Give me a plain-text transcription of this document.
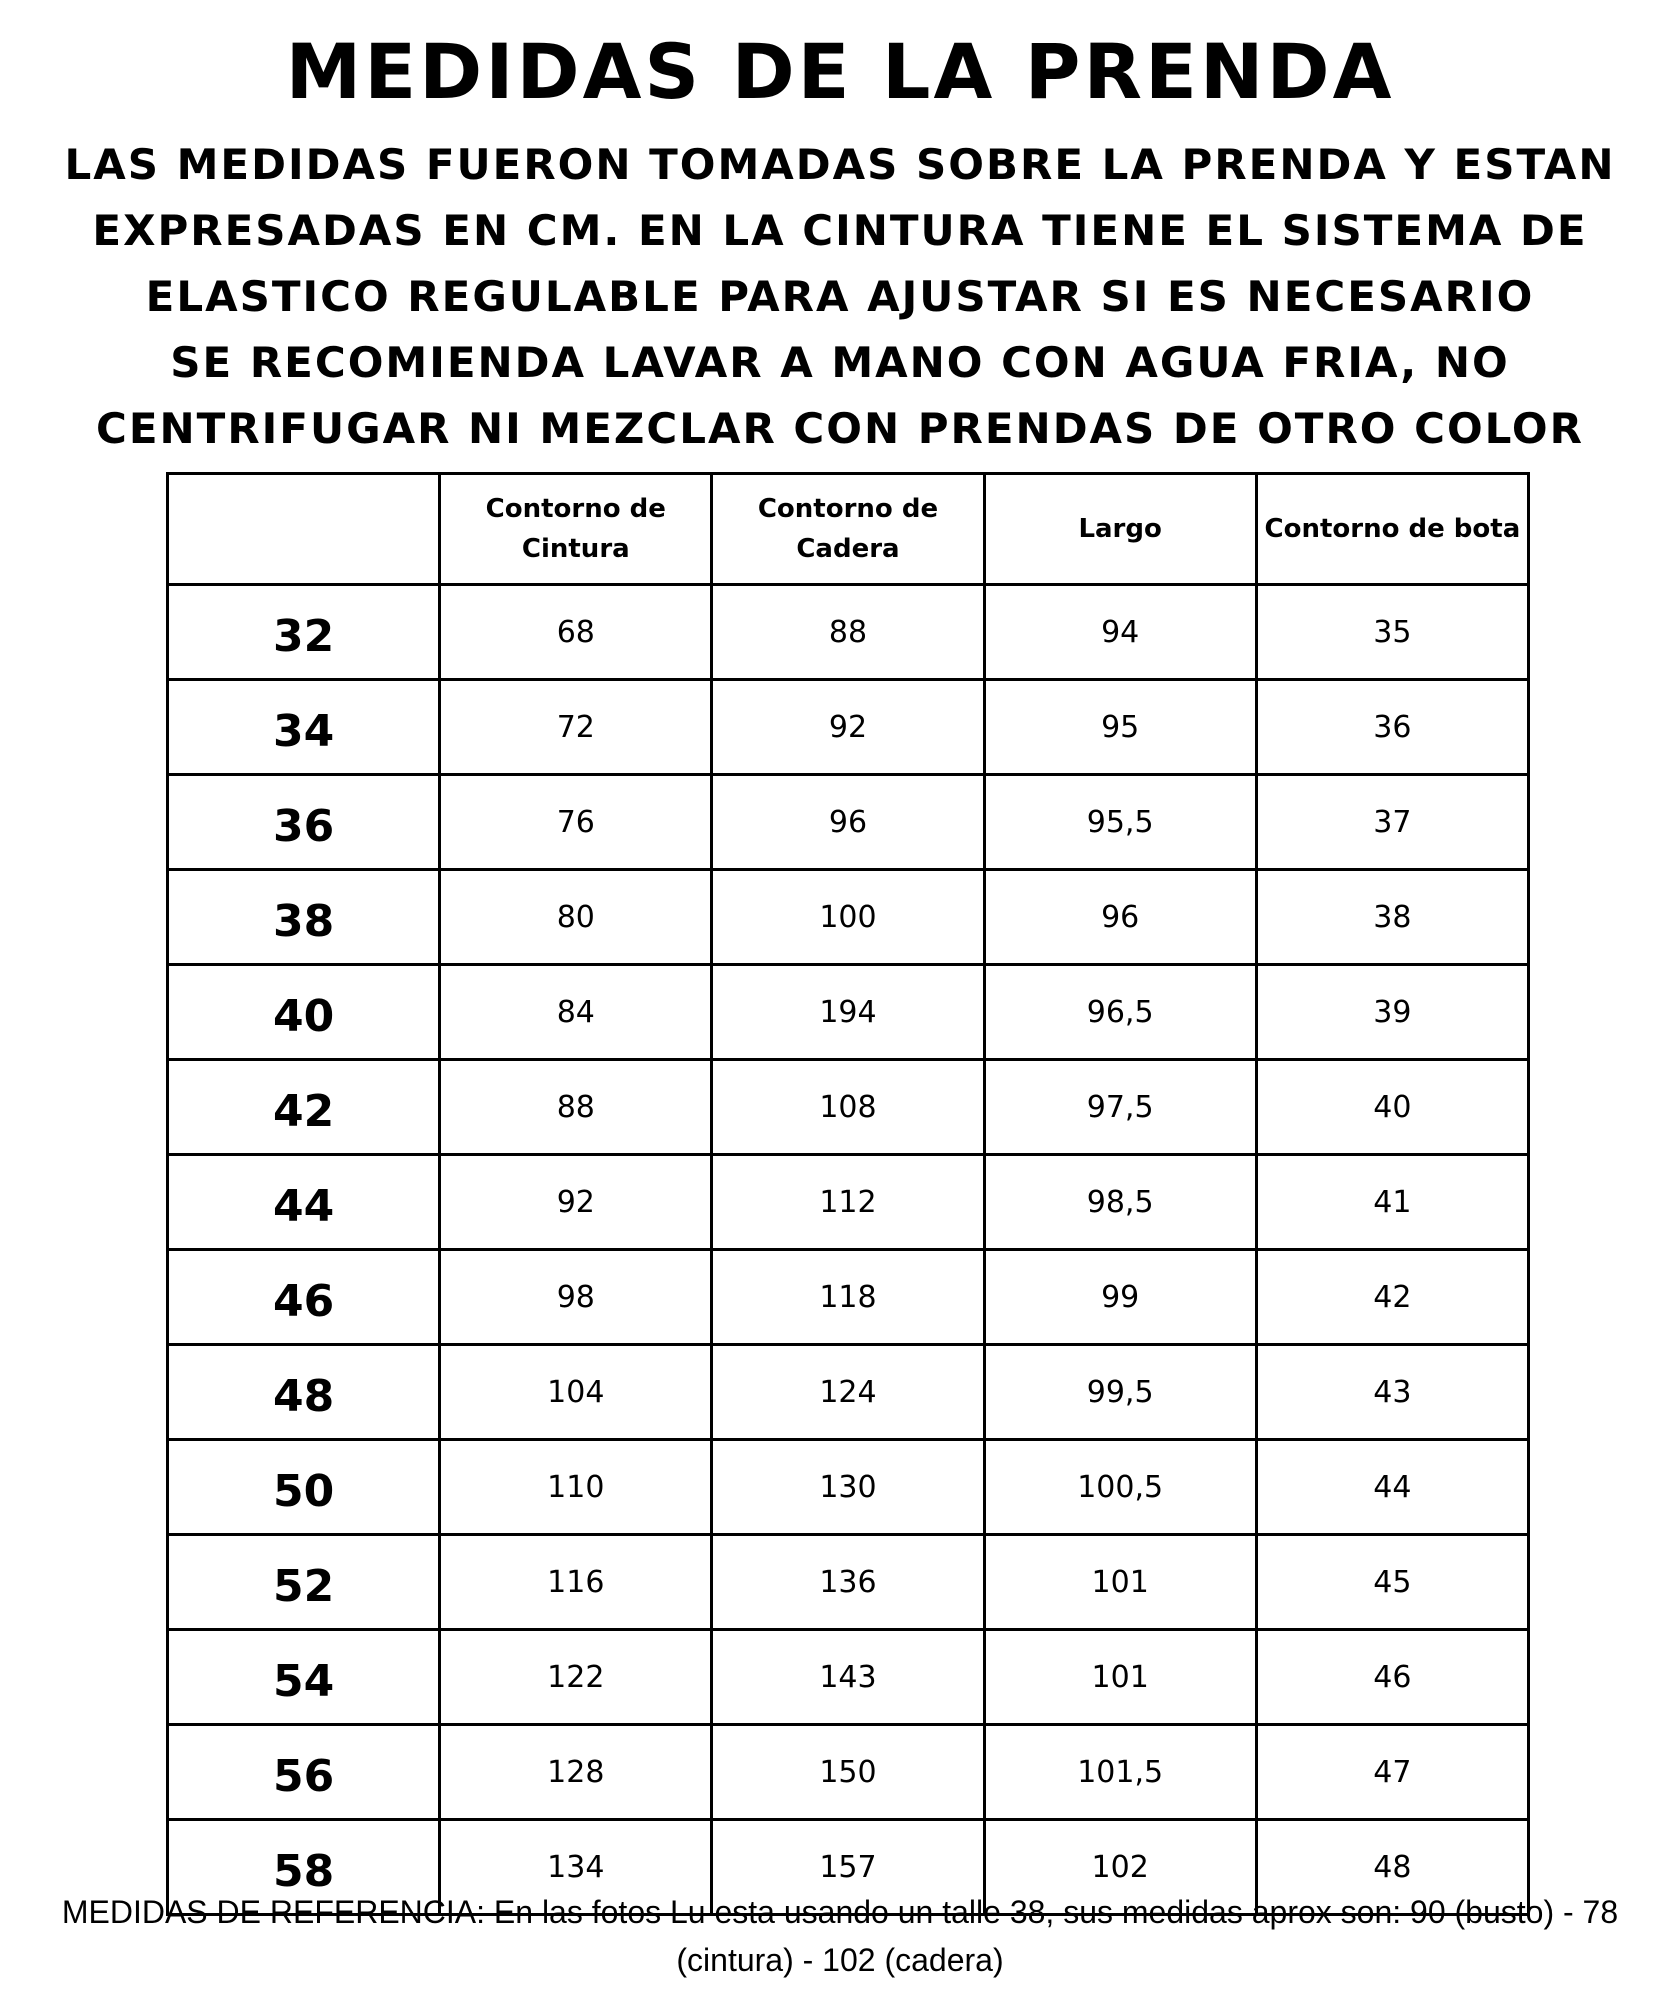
MEDIDAS DE LA PRENDA
LAS MEDIDAS FUERON TOMADAS SOBRE LA PRENDA Y ESTAN
EXPRESADAS EN CM. EN LA CINTURA TIENE EL SISTEMA DE
ELASTICO REGULABLE PARA AJUSTAR SI ES NECESARIO
SE RECOMIENDA LAVAR A MANO CON AGUA FRIA, NO
CENTRIFUGAR NI MEZCLAR CON PRENDAS DE OTRO COLOR
	Contorno de Cintura	Contorno de Cadera	Largo	Contorno de bota
32	68	88	94	35
34	72	92	95	36
36	76	96	95,5	37
38	80	100	96	38
40	84	194	96,5	39
42	88	108	97,5	40
44	92	112	98,5	41
46	98	118	99	42
48	104	124	99,5	43
50	110	130	100,5	44
52	116	136	101	45
54	122	143	101	46
56	128	150	101,5	47
58	134	157	102	48
MEDIDAS DE REFERENCIA: En las fotos Lu esta usando un talle 38, sus medidas aprox son: 90 (busto) - 78 (cintura) - 102 (cadera)
